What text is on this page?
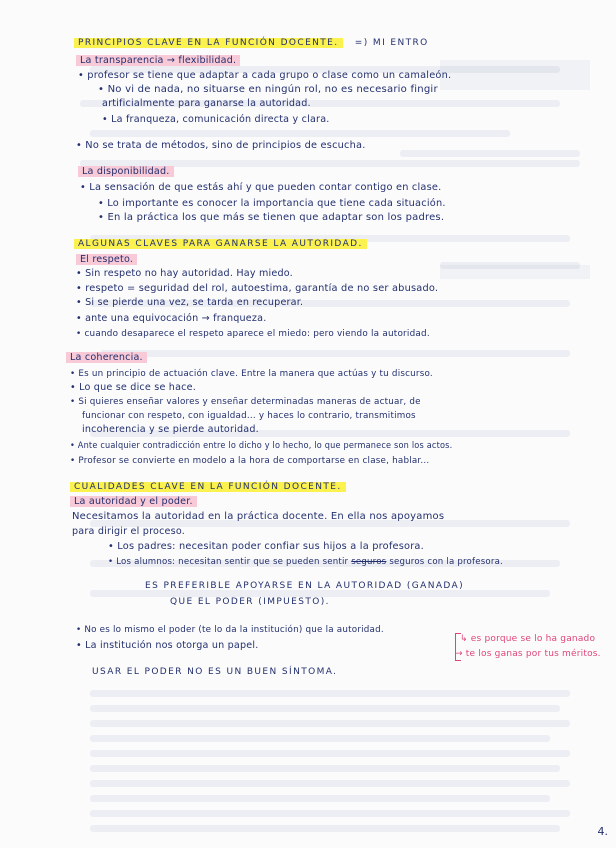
PRINCIPIOS CLAVE EN LA FUNCIÓN DOCENTE. =) MI ENTRO
La transparencia → flexibilidad.
• profesor se tiene que adaptar a cada grupo o clase como un camaleón.
• No vi de nada, no situarse en ningún rol, no es necesario fingir
artificialmente para ganarse la autoridad.
• La franqueza, comunicación directa y clara.
• No se trata de métodos, sino de principios de escucha.
La disponibilidad.
• La sensación de que estás ahí y que pueden contar contigo en clase.
• Lo importante es conocer la importancia que tiene cada situación.
• En la práctica los que más se tienen que adaptar son los padres.
ALGUNAS CLAVES PARA GANARSE LA AUTORIDAD.
El respeto.
• Sin respeto no hay autoridad. Hay miedo.
• respeto = seguridad del rol, autoestima, garantía de no ser abusado.
• Si se pierde una vez, se tarda en recuperar.
• ante una equivocación → franqueza.
• cuando desaparece el respeto aparece el miedo: pero viendo la autoridad.
La coherencia.
• Es un principio de actuación clave. Entre la manera que actúas y tu discurso.
• Lo que se dice se hace.
• Si quieres enseñar valores y enseñar determinadas maneras de actuar, de
funcionar con respeto, con igualdad... y haces lo contrario, transmitimos
incoherencia y se pierde autoridad.
• Ante cualquier contradicción entre lo dicho y lo hecho, lo que permanece son los actos.
• Profesor se convierte en modelo a la hora de comportarse en clase, hablar...
CUALIDADES CLAVE EN LA FUNCIÓN DOCENTE.
La autoridad y el poder.
Necesitamos la autoridad en la práctica docente. En ella nos apoyamos
para dirigir el proceso.
• Los padres: necesitan poder confiar sus hijos a la profesora.
• Los alumnos: necesitan sentir que se pueden sentir seguros seguros con la profesora.
ES PREFERIBLE APOYARSE EN LA AUTORIDAD (GANADA)
QUE EL PODER (IMPUESTO).
• No es lo mismo el poder (te lo da la institución) que la autoridad.
• La institución nos otorga un papel.
↳ es porque se lo ha ganado
→ te los ganas por tus méritos.
USAR EL PODER NO ES UN BUEN SÍNTOMA.
4.
